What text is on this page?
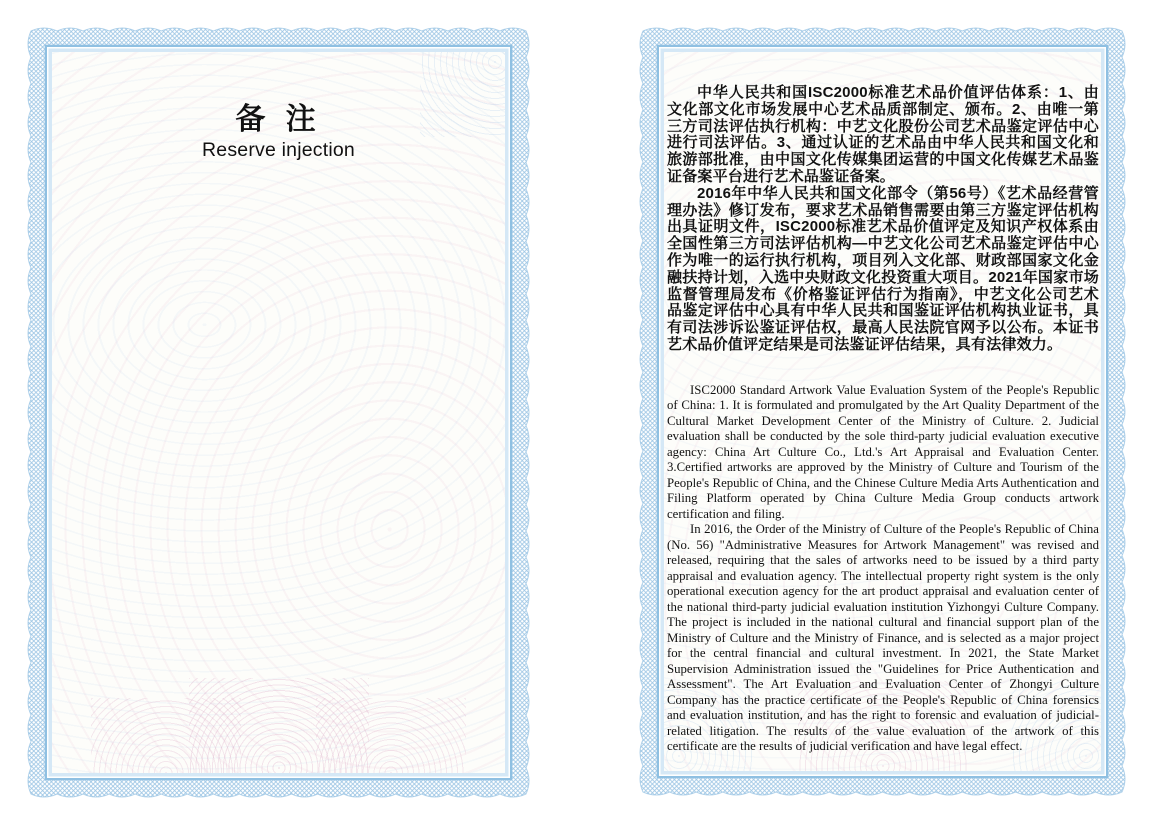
备 注
Reserve injection

中华人民共和国ISC2000标准艺术品价值评估体系：1、由文化部文化市场发展中心艺术品质部制定、颁布。2、由唯一第三方司法评估执行机构：中艺文化股份公司艺术品鉴定评估中心进行司法评估。3、通过认证的艺术品由中华人民共和国文化和旅游部批准，由中国文化传媒集团运营的中国文化传媒艺术品鉴证备案平台进行艺术品鉴证备案。

2016年中华人民共和国文化部令（第56号）《艺术品经营管理办法》修订发布，要求艺术品销售需要由第三方鉴定评估机构出具证明文件，ISC2000标准艺术品价值评定及知识产权体系由全国性第三方司法评估机构—中艺文化公司艺术品鉴定评估中心作为唯一的运行执行机构，项目列入文化部、财政部国家文化金融扶持计划，入选中央财政文化投资重大项目。2021年国家市场监督管理局发布《价格鉴证评估行为指南》，中艺文化公司艺术品鉴定评估中心具有中华人民共和国鉴证评估机构执业证书，具有司法涉诉讼鉴证评估权，最高人民法院官网予以公布。本证书艺术品价值评定结果是司法鉴证评估结果，具有法律效力。

ISC2000 Standard Artwork Value Evaluation System of the People's Republic of China: 1. It is formulated and promulgated by the Art Quality Department of the Cultural Market Development Center of the Ministry of Culture. 2. Judicial evaluation shall be conducted by the sole third-party judicial evaluation executive agency: China Art Culture Co., Ltd.'s Art Appraisal and Evaluation Center. 3.Certified artworks are approved by the Ministry of Culture and Tourism of the People's Republic of China, and the Chinese Culture Media Arts Authentication and Filing Platform operated by China Culture Media Group conducts artwork certification and filing.

In 2016, the Order of the Ministry of Culture of the People's Republic of China (No. 56) "Administrative Measures for Artwork Management" was revised and released, requiring that the sales of artworks need to be issued by a third party appraisal and evaluation agency. The intellectual property right system is the only operational execution agency for the art product appraisal and evaluation center of the national third-party judicial evaluation institution Yizhongyi Culture Company. The project is included in the national cultural and financial support plan of the Ministry of Culture and the Ministry of Finance, and is selected as a major project for the central financial and cultural investment. In 2021, the State Market Supervision Administration issued the "Guidelines for Price Authentication and Assessment". The Art Evaluation and Evaluation Center of Zhongyi Culture Company has the practice certificate of the People's Republic of China forensics and evaluation institution, and has the right to forensic and evaluation of judicial-related litigation. The results of the value evaluation of the artwork of this certificate are the results of judicial verification and have legal effect.
